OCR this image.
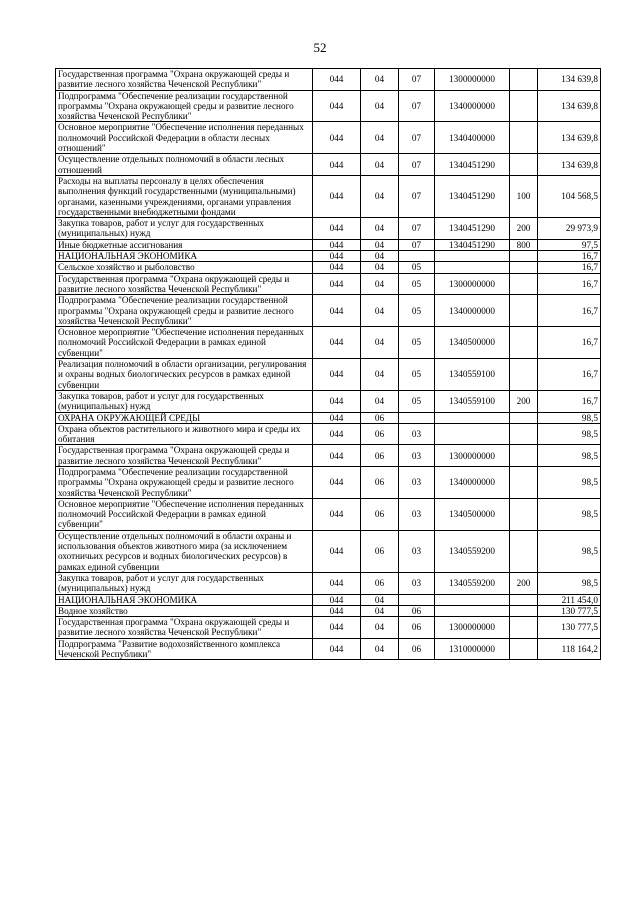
52
Государственная программа "Охрана окружающей среды и развитие лесного хозяйства Чеченской Республики"	044	04	07	1300000000		134 639,8
Подпрограмма "Обеспечение реализации государственной программы "Охрана окружающей среды и развитие лесного хозяйства Чеченской Республики"	044	04	07	1340000000		134 639,8
Основное мероприятие "Обеспечение исполнения переданных полномочий Российской Федерации в области лесных отношений"	044	04	07	1340400000		134 639,8
Осуществление отдельных полномочий в области лесных отношений	044	04	07	1340451290		134 639,8
Расходы на выплаты персоналу в целях обеспечения выполнения функций государственными (муниципальными) органами, казенными учреждениями, органами управления государственными внебюджетными фондами	044	04	07	1340451290	100	104 568,5
Закупка товаров, работ и услуг для государственных (муниципальных) нужд	044	04	07	1340451290	200	29 973,9
Иные бюджетные ассигнования	044	04	07	1340451290	800	97,5
НАЦИОНАЛЬНАЯ ЭКОНОМИКА	044	04				16,7
Сельское хозяйство и рыболовство	044	04	05			16,7
Государственная программа "Охрана окружающей среды и развитие лесного хозяйства Чеченской Республики"	044	04	05	1300000000		16,7
Подпрограмма "Обеспечение реализации государственной программы "Охрана окружающей среды и развитие лесного хозяйства Чеченской Республики"	044	04	05	1340000000		16,7
Основное мероприятие "Обеспечение исполнения переданных полномочий Российской Федерации в рамках единой субвенции"	044	04	05	1340500000		16,7
Реализация полномочий в области организации, регулирования и охраны водных биологических ресурсов в рамках единой субвенции	044	04	05	1340559100		16,7
Закупка товаров, работ и услуг для государственных (муниципальных) нужд	044	04	05	1340559100	200	16,7
ОХРАНА ОКРУЖАЮЩЕЙ СРЕДЫ	044	06				98,5
Охрана объектов растительного и животного мира и среды их обитания	044	06	03			98,5
Государственная программа "Охрана окружающей среды и развитие лесного хозяйства Чеченской Республики"	044	06	03	1300000000		98,5
Подпрограмма "Обеспечение реализации государственной программы "Охрана окружающей среды и развитие лесного хозяйства Чеченской Республики"	044	06	03	1340000000		98,5
Основное мероприятие "Обеспечение исполнения переданных полномочий Российской Федерации в рамках единой субвенции"	044	06	03	1340500000		98,5
Осуществление отдельных полномочий в области охраны и использования объектов животного мира (за исключением охотничьих ресурсов и водных биологических ресурсов) в рамках единой субвенции	044	06	03	1340559200		98,5
Закупка товаров, работ и услуг для государственных (муниципальных) нужд	044	06	03	1340559200	200	98,5
НАЦИОНАЛЬНАЯ ЭКОНОМИКА	044	04				211 454,0
Водное хозяйство	044	04	06			130 777,5
Государственная программа "Охрана окружающей среды и развитие лесного хозяйства Чеченской Республики"	044	04	06	1300000000		130 777,5
Подпрограмма "Развитие водохозяйственного комплекса Чеченской Республики"	044	04	06	1310000000		118 164,2
